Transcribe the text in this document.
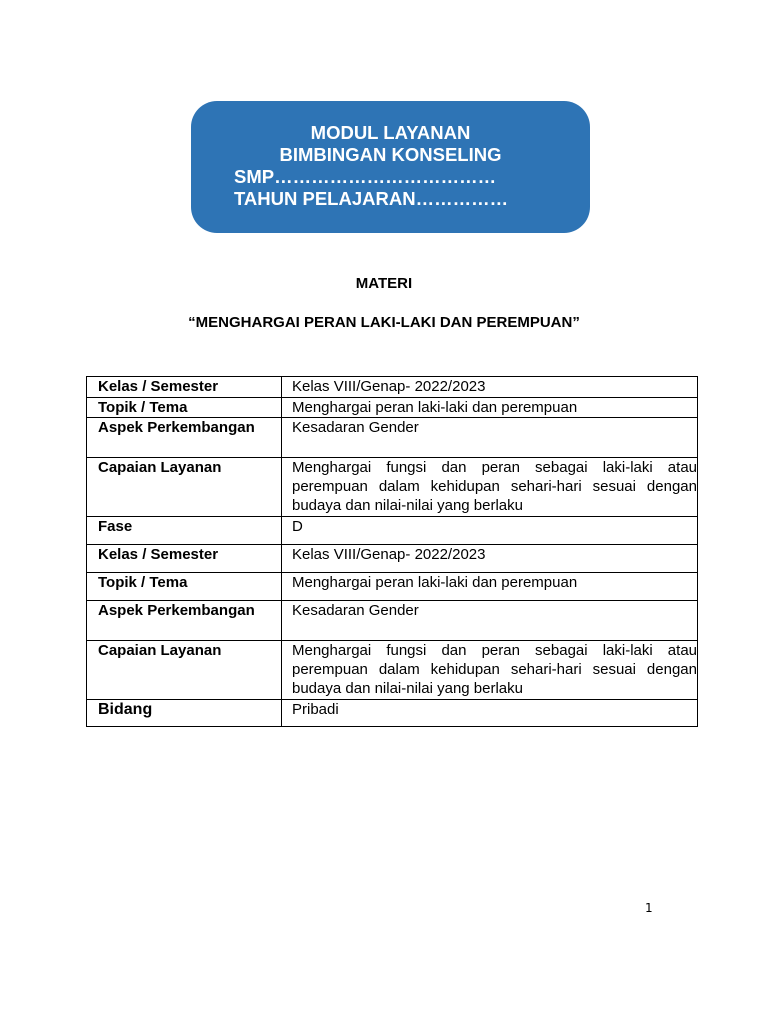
MODUL LAYANAN
BIMBINGAN KONSELING
SMP………………………………
TAHUN PELAJARAN……………
MATERI
“MENGHARGAI PERAN LAKI-LAKI DAN PEREMPUAN”
Kelas / Semester	Kelas VIII/Genap- 2022/2023
Topik / Tema	Menghargai peran laki-laki dan perempuan
Aspek Perkembangan	Kesadaran Gender
Capaian Layanan	Menghargai fungsi dan peran sebagai laki-laki atau perempuan dalam kehidupan sehari-hari sesuai dengan budaya dan nilai-nilai yang berlaku
Fase	D
Kelas / Semester	Kelas VIII/Genap- 2022/2023
Topik / Tema	Menghargai peran laki-laki dan perempuan
Aspek Perkembangan	Kesadaran Gender
Capaian Layanan	Menghargai fungsi dan peran sebagai laki-laki atau perempuan dalam kehidupan sehari-hari sesuai dengan budaya dan nilai-nilai yang berlaku
Bidang	Pribadi
1
